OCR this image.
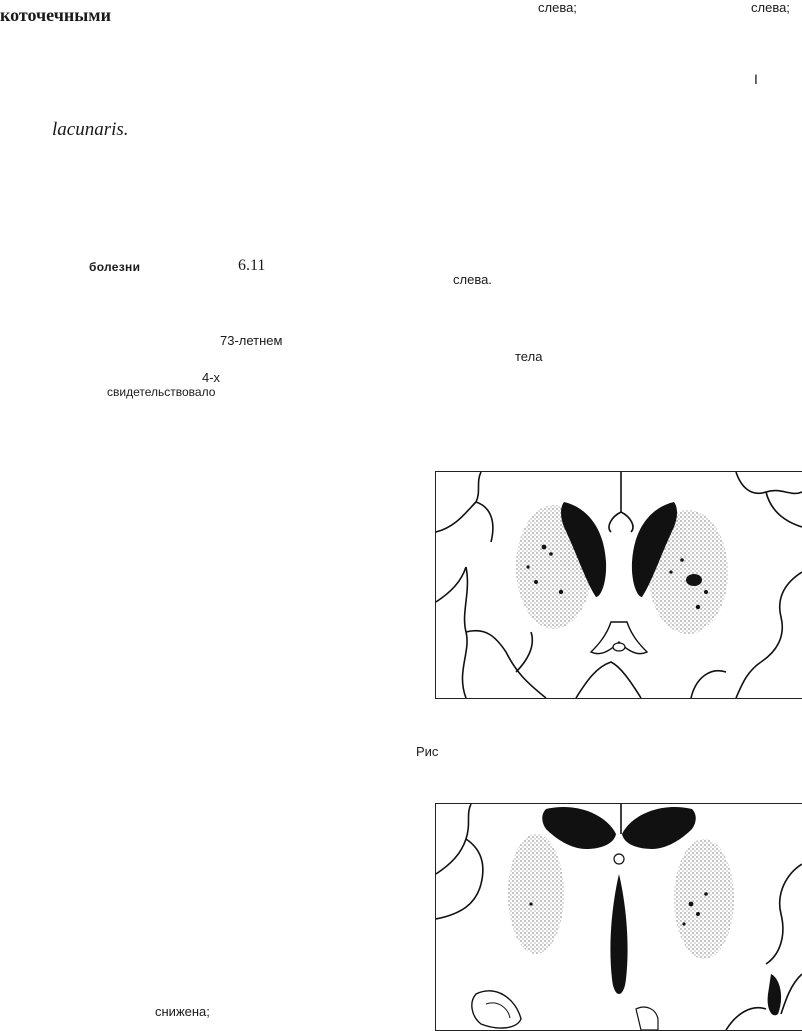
коточечными	слева;	слева;
I
lacunaris.
болезни	6.11
слева.
73-летнем
тела
4-х
свидетельствовало
Рис
снижена;
